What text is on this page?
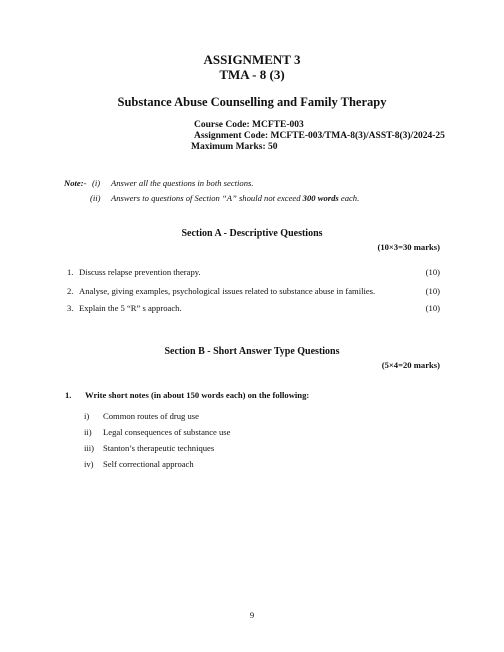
ASSIGNMENT 3
TMA - 8 (3)
Substance Abuse Counselling and Family Therapy
Course Code: MCFTE-003
Assignment Code: MCFTE-003/TMA-8(3)/ASST-8(3)/2024-25
Maximum Marks: 50
Note:- (i) Answer all the questions in both sections.
(ii) Answers to questions of Section “A” should not exceed 300 words each.
Section A - Descriptive Questions
(10×3=30 marks)
1. Discuss relapse prevention therapy.	(10)
2. Analyse, giving examples, psychological issues related to substance abuse in families.	(10)
3. Explain the 5 “R” s approach.	(10)
Section B - Short Answer Type Questions
(5×4=20 marks)
1. Write short notes (in about 150 words each) on the following:
i) Common routes of drug use
ii) Legal consequences of substance use
iii) Stanton’s therapeutic techniques
iv) Self correctional approach
9
